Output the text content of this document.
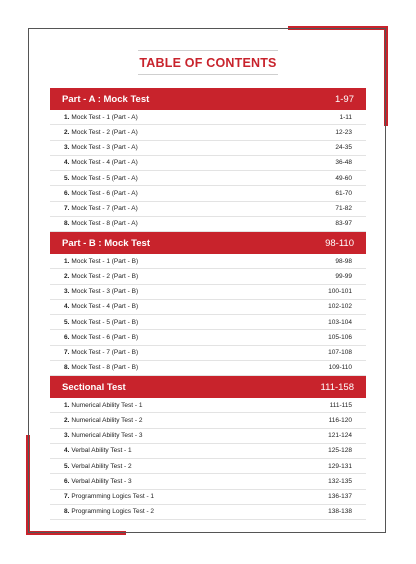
TABLE OF CONTENTS
Part - A : Mock Test	1-97
1. Mock Test - 1 (Part - A)	1-11
2. Mock Test - 2 (Part - A)	12-23
3. Mock Test - 3 (Part - A)	24-35
4. Mock Test - 4 (Part - A)	36-48
5. Mock Test - 5 (Part - A)	49-60
6. Mock Test - 6 (Part - A)	61-70
7. Mock Test - 7 (Part - A)	71-82
8. Mock Test - 8 (Part - A)	83-97
Part - B : Mock Test	98-110
1. Mock Test - 1 (Part - B)	98-98
2. Mock Test - 2 (Part - B)	99-99
3. Mock Test - 3 (Part - B)	100-101
4. Mock Test - 4 (Part - B)	102-102
5. Mock Test - 5 (Part - B)	103-104
6. Mock Test - 6 (Part - B)	105-106
7. Mock Test - 7 (Part - B)	107-108
8. Mock Test - 8 (Part - B)	109-110
Sectional Test	111-158
1. Numerical Ability Test - 1	111-115
2. Numerical Ability Test - 2	116-120
3. Numerical Ability Test - 3	121-124
4. Verbal Ability Test - 1	125-128
5. Verbal Ability Test - 2	129-131
6. Verbal Ability Test - 3	132-135
7. Programming Logics Test - 1	136-137
8. Programming Logics Test - 2	138-138
